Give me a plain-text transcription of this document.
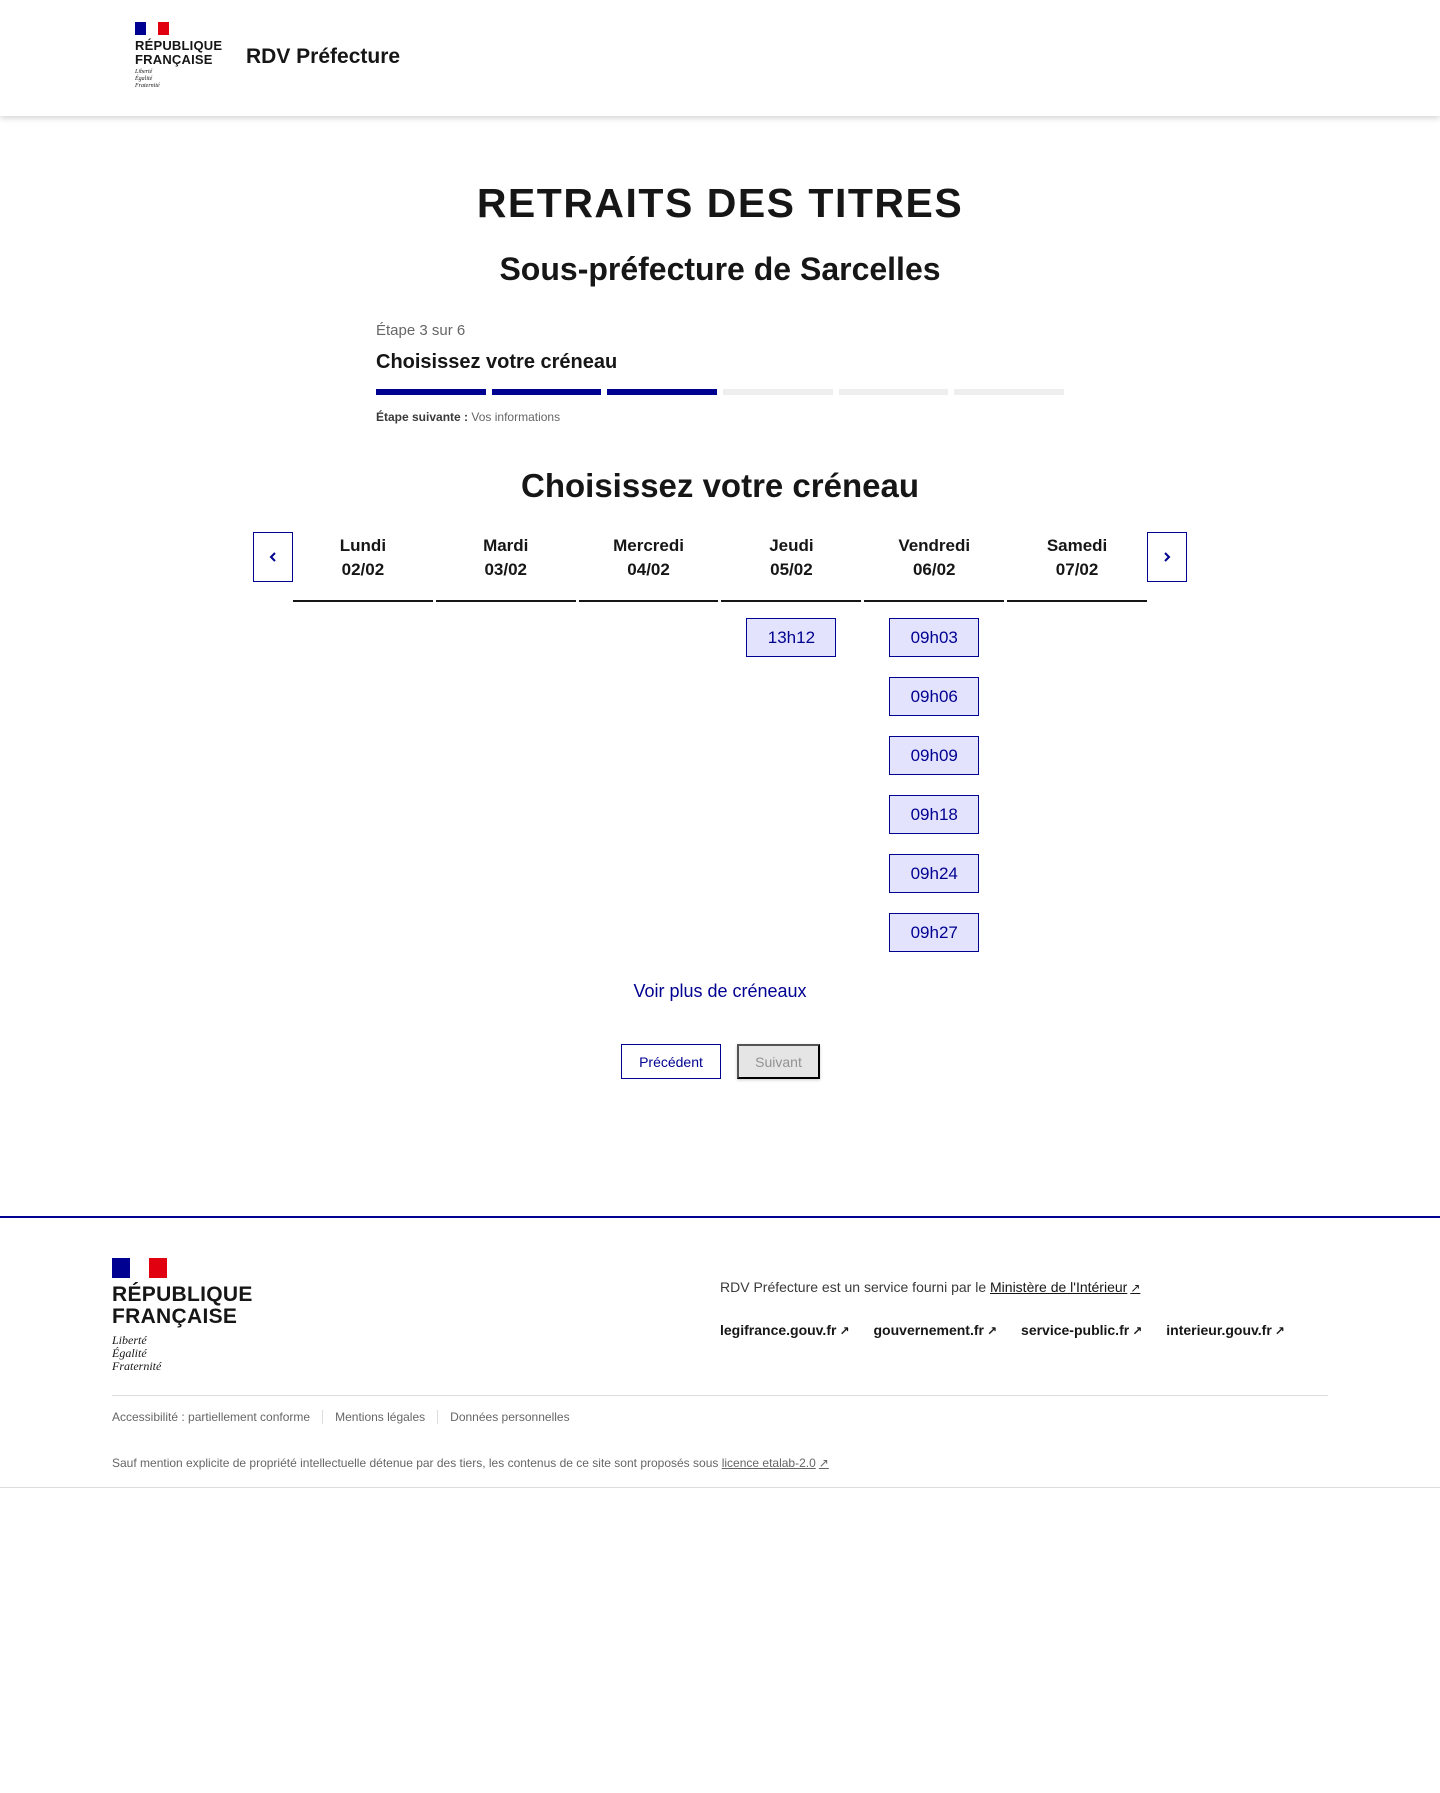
RÉPUBLIQUE
FRANÇAISE
Liberté
Égalité
Fraternité
RDV Préfecture
RETRAITS DES TITRES
Sous-préfecture de Sarcelles
Étape 3 sur 6
Choisissez votre créneau
Étape suivante : Vos informations
Choisissez votre créneau
Lundi
02/02
Mardi
03/02
Mercredi
04/02
Jeudi
05/02
13h12
Vendredi
06/02
09h03
09h06
09h09
09h18
09h24
09h27
Samedi
07/02
Voir plus de créneaux
Précédent	Suivant
RÉPUBLIQUE
FRANÇAISE
Liberté
Égalité
Fraternité
RDV Préfecture est un service fourni par le Ministère de l'Intérieur ↗
legifrance.gouv.fr ↗ gouvernement.fr ↗ service-public.fr ↗ interieur.gouv.fr ↗
Accessibilité : partiellement conforme	Mentions légales	Données personnelles
Sauf mention explicite de propriété intellectuelle détenue par des tiers, les contenus de ce site sont proposés sous licence etalab-2.0 ↗
